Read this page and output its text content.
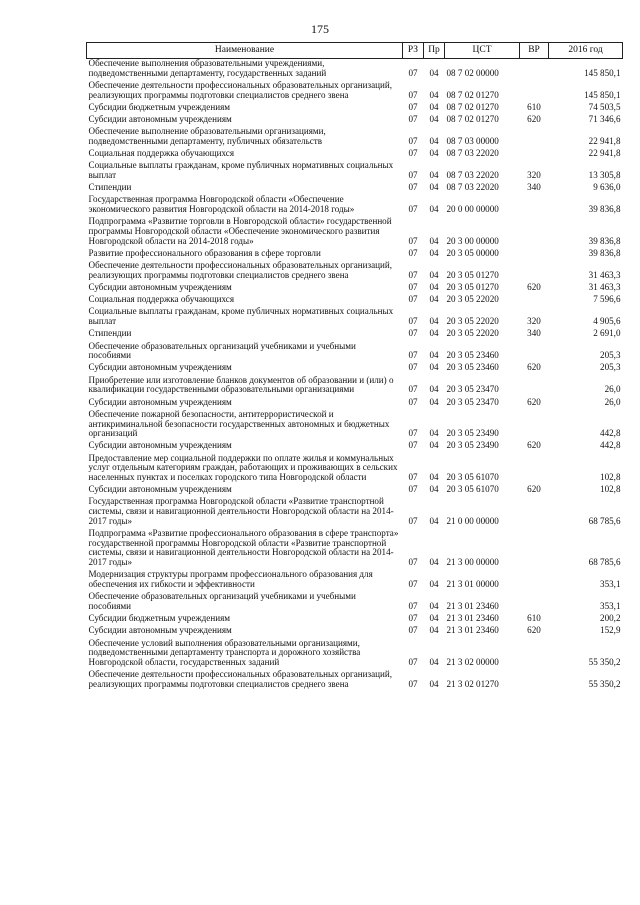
175
Наименование	РЗ	Пр	ЦСТ	ВР	2016 год
Обеспечение выполнения образовательными учреждениями, подведомственными департаменту, государственных заданий	07	04	08 7 02 00000		145 850,1
Обеспечение деятельности профессиональных образовательных организаций, реализующих программы подготовки специалистов среднего звена	07	04	08 7 02 01270		145 850,1
Субсидии бюджетным учреждениям	07	04	08 7 02 01270	610	74 503,5
Субсидии автономным учреждениям	07	04	08 7 02 01270	620	71 346,6
Обеспечение выполнение образовательными организациями, подведомственными департаменту, публичных обязательств	07	04	08 7 03 00000		22 941,8
Социальная поддержка обучающихся	07	04	08 7 03 22020		22 941,8
Социальные выплаты гражданам, кроме публичных нормативных социальных выплат	07	04	08 7 03 22020	320	13 305,8
Стипендии	07	04	08 7 03 22020	340	9 636,0
Государственная программа Новгородской области «Обеспечение экономического развития Новгородской области на 2014-2018 годы»	07	04	20 0 00 00000		39 836,8
Подпрограмма «Развитие торговли в Новгородской области» государственной программы Новгородской области «Обеспечение экономического развития Новгородской области на 2014-2018 годы»	07	04	20 3 00 00000		39 836,8
Развитие профессионального образования в сфере торговли	07	04	20 3 05 00000		39 836,8
Обеспечение деятельности профессиональных образовательных организаций, реализующих программы подготовки специалистов среднего звена	07	04	20 3 05 01270		31 463,3
Субсидии автономным учреждениям	07	04	20 3 05 01270	620	31 463,3
Социальная поддержка обучающихся	07	04	20 3 05 22020		7 596,6
Социальные выплаты гражданам, кроме публичных нормативных социальных выплат	07	04	20 3 05 22020	320	4 905,6
Стипендии	07	04	20 3 05 22020	340	2 691,0
Обеспечение образовательных организаций учебниками и учебными пособиями	07	04	20 3 05 23460		205,3
Субсидии автономным учреждениям	07	04	20 3 05 23460	620	205,3
Приобретение или изготовление бланков документов об образовании и (или) о квалификации государственными образовательными организациями	07	04	20 3 05 23470		26,0
Субсидии автономным учреждениям	07	04	20 3 05 23470	620	26,0
Обеспечение пожарной безопасности, антитеррористической и антикриминальной безопасности государственных автономных и бюджетных организаций	07	04	20 3 05 23490		442,8
Субсидии автономным учреждениям	07	04	20 3 05 23490	620	442,8
Предоставление мер социальной поддержки по оплате жилья и коммунальных услуг отдельным категориям граждан, работающих и проживающих в сельских населенных пунктах и поселках городского типа Новгородской области	07	04	20 3 05 61070		102,8
Субсидии автономным учреждениям	07	04	20 3 05 61070	620	102,8
Государственная программа Новгородской области «Развитие транспортной системы, связи и навигационной деятельности Новгородской области на 2014-2017 годы»	07	04	21 0 00 00000		68 785,6
Подпрограмма «Развитие профессионального образования в сфере транспорта» государственной программы Новгородской области «Развитие транспортной системы, связи и навигационной деятельности Новгородской области на 2014-2017 годы»	07	04	21 3 00 00000		68 785,6
Модернизация структуры программ профессионального образования для обеспечения их гибкости и эффективности	07	04	21 3 01 00000		353,1
Обеспечение образовательных организаций учебниками и учебными пособиями	07	04	21 3 01 23460		353,1
Субсидии бюджетным учреждениям	07	04	21 3 01 23460	610	200,2
Субсидии автономным учреждениям	07	04	21 3 01 23460	620	152,9
Обеспечение условий выполнения образовательными организациями, подведомственными департаменту транспорта и дорожного хозяйства Новгородской области, государственных заданий	07	04	21 3 02 00000		55 350,2
Обеспечение деятельности профессиональных образовательных организаций, реализующих программы подготовки специалистов среднего звена	07	04	21 3 02 01270		55 350,2
